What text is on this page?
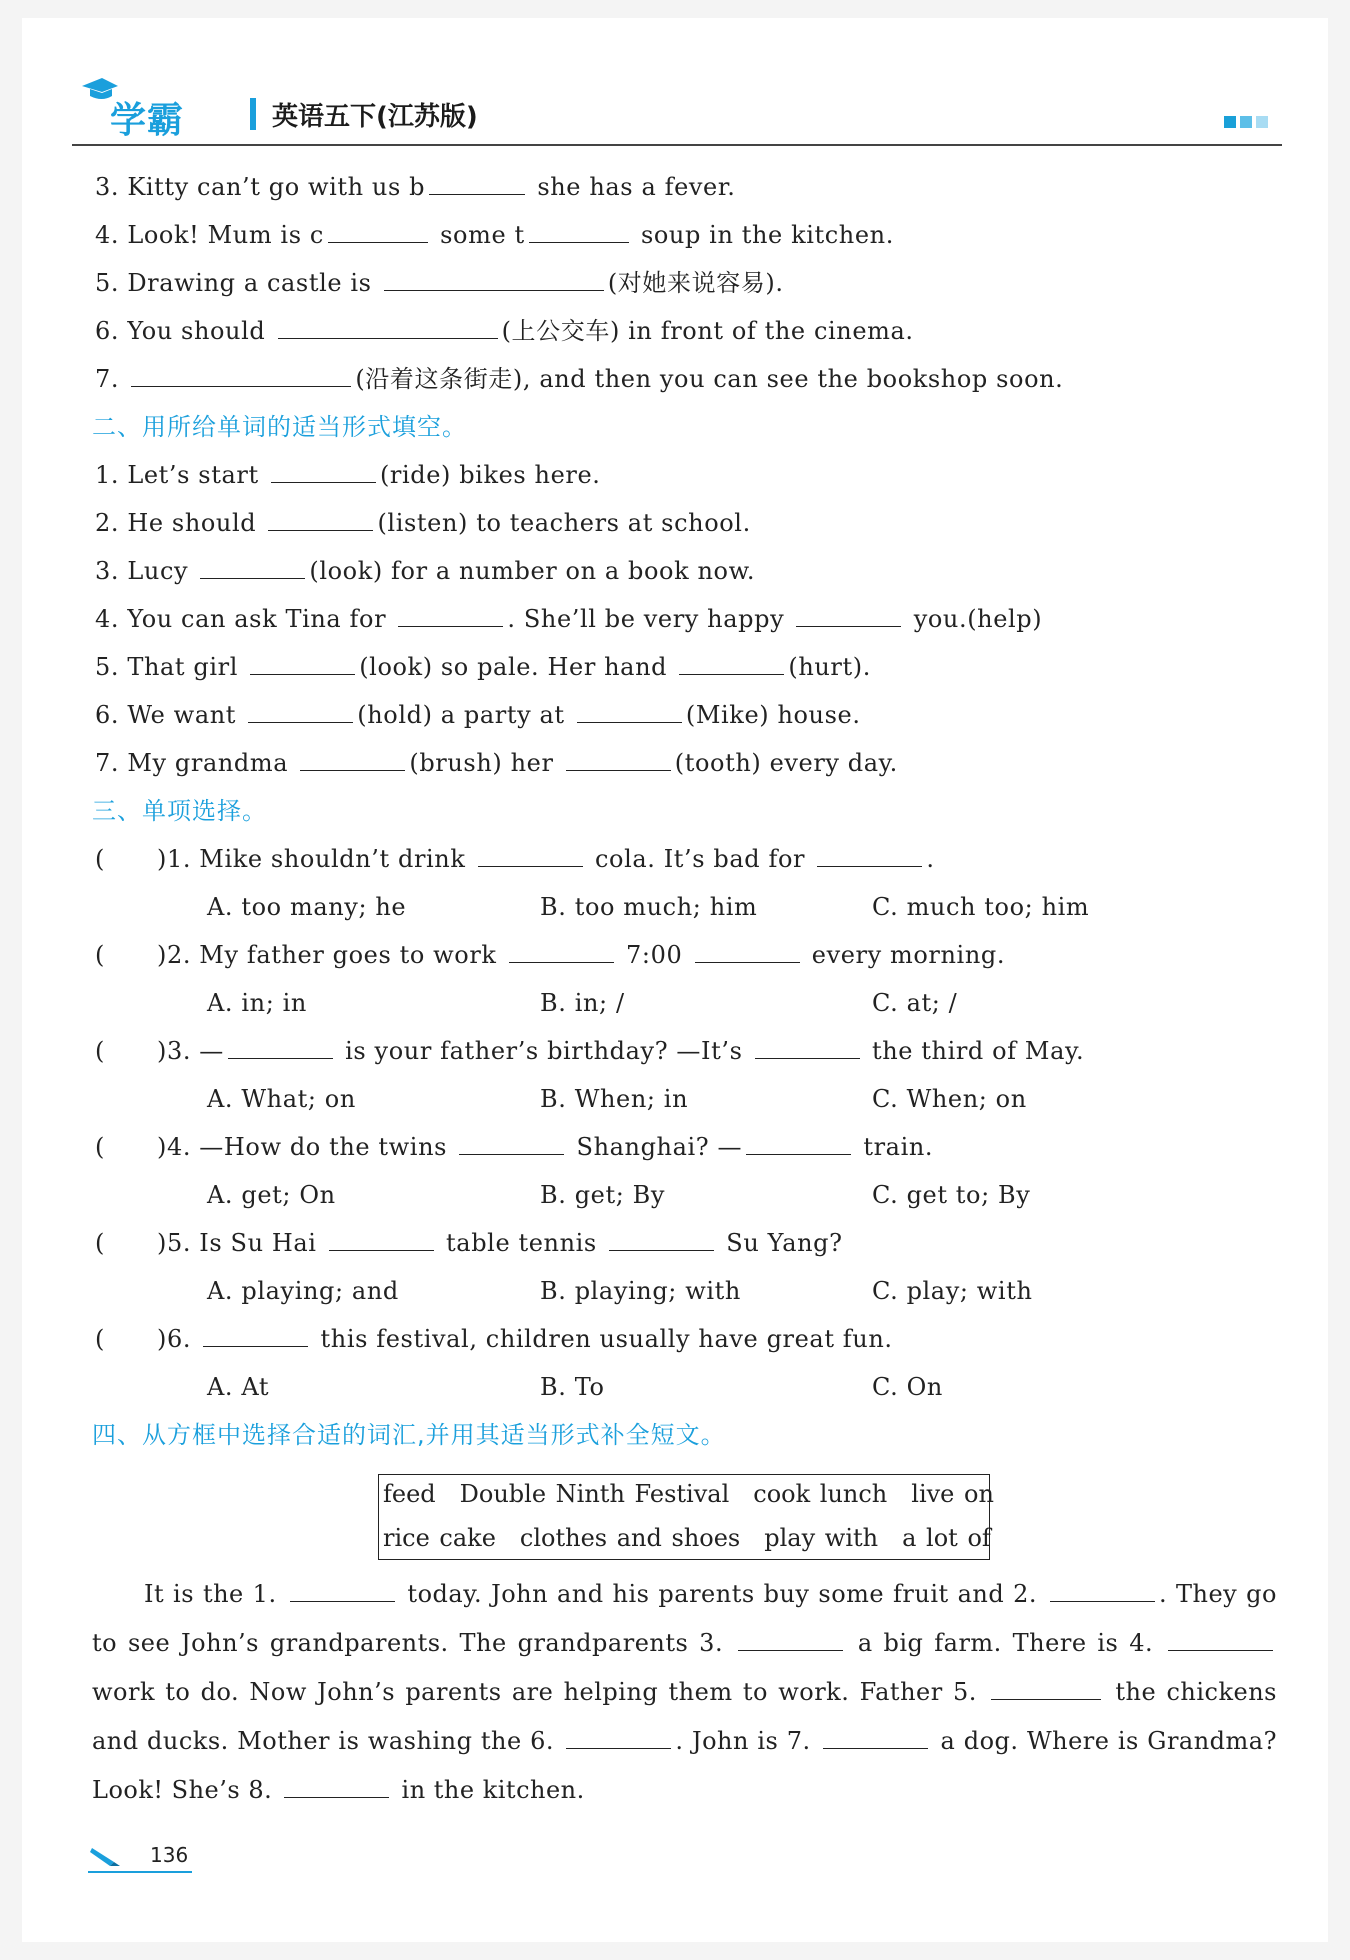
学霸	英语五下(江苏版)
3. Kitty can’t go with us b	she has a fever.
4. Look! Mum is c	some t	soup in the kitchen.
5. Drawing a castle is	(对她来说容易).
6. You should	(上公交车) in front of the cinema.
7.	(沿着这条街走), and then you can see the bookshop soon.
二、用所给单词的适当形式填空。
1. Let’s start	(ride) bikes here.
2. He should	(listen) to teachers at school.
3. Lucy	(look) for a number on a book now.
4. You can ask Tina for	. She’ll be very happy	you.(help)
5. That girl	(look) so pale. Her hand	(hurt).
6. We want	(hold) a party at	(Mike) house.
7. My grandma	(brush) her	(tooth) every day.
三、单项选择。
( )1. Mike shouldn’t drink	cola. It’s bad for	.
A. too many; he	B. too much; him	C. much too; him
( )2. My father goes to work	7:00	every morning.
A. in; in	B. in; /	C. at; /
( )3. —	is your father’s birthday? —It’s	the third of May.
A. What; on	B. When; in	C. When; on
( )4. —How do the twins	Shanghai? —	train.
A. get; On	B. get; By	C. get to; By
( )5. Is Su Hai	table tennis	Su Yang?
A. playing; and	B. playing; with	C. play; with
( )6.	this festival, children usually have great fun.
A. At	B. To	C. On
四、从方框中选择合适的词汇,并用其适当形式补全短文。
feed Double Ninth Festival cook lunch live on
rice cake clothes and shoes play with a lot of
It is the 1.	today. John and his parents buy some fruit and 2.	. They go to see John’s grandparents. The grandparents 3.	a big farm. There is 4.  work to do. Now John’s parents are helping them to work. Father 5.	the chickens and ducks. Mother is washing the 6.	. John is 7.	a dog. Where is Grandma? Look! She’s 8.	in the kitchen.
136
